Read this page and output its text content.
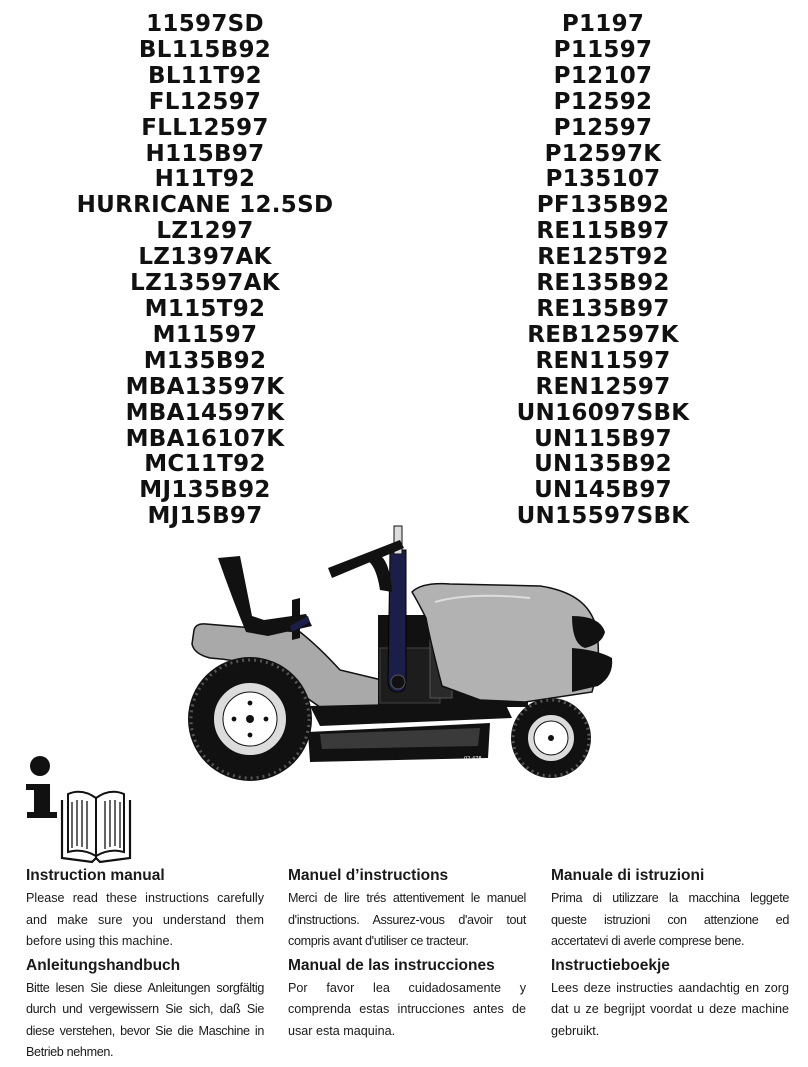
11597SD
BL115B92
BL11T92
FL12597
FLL12597
H115B97
H11T92
HURRICANE 12.5SD
LZ1297
LZ1397AK
LZ13597AK
M115T92
M11597
M135B92
MBA13597K
MBA14597K
MBA16107K
MC11T92
MJ135B92
MJ15B97
P1197
P11597
P12107
P12592
P12597
P12597K
P135107
PF135B92
RE115B97
RE125T92
RE135B92
RE135B97
REB12597K
REN11597
REN12597
UN16097SBK
UN115B97
UN135B92
UN145B97
UN15597SBK
02 478
Instruction manual

Please read these instructions carefully and make sure you understand them before using this machine.

Anleitungshandbuch

Bitte lesen Sie diese Anleitungen sorgfältig durch und vergewissern Sie sich, daß Sie diese verstehen, bevor Sie die Maschine in Betrieb nehmen.

Manuel d’instructions

Merci de lire trés attentivement le manuel d'instructions. Assurez-vous d'avoir tout compris avant d'utiliser ce tracteur.

Manual de las instrucciones

Por favor lea cuidadosamente y comprenda estas intrucciones antes de usar esta maquina.

Manuale di istruzioni

Prima di utilizzare la macchina leggete queste istruzioni con attenzione ed accertatevi di averle comprese bene.

Instructieboekje

Lees deze instructies aandachtig en zorg dat u ze begrijpt voordat u deze machine gebruikt.
